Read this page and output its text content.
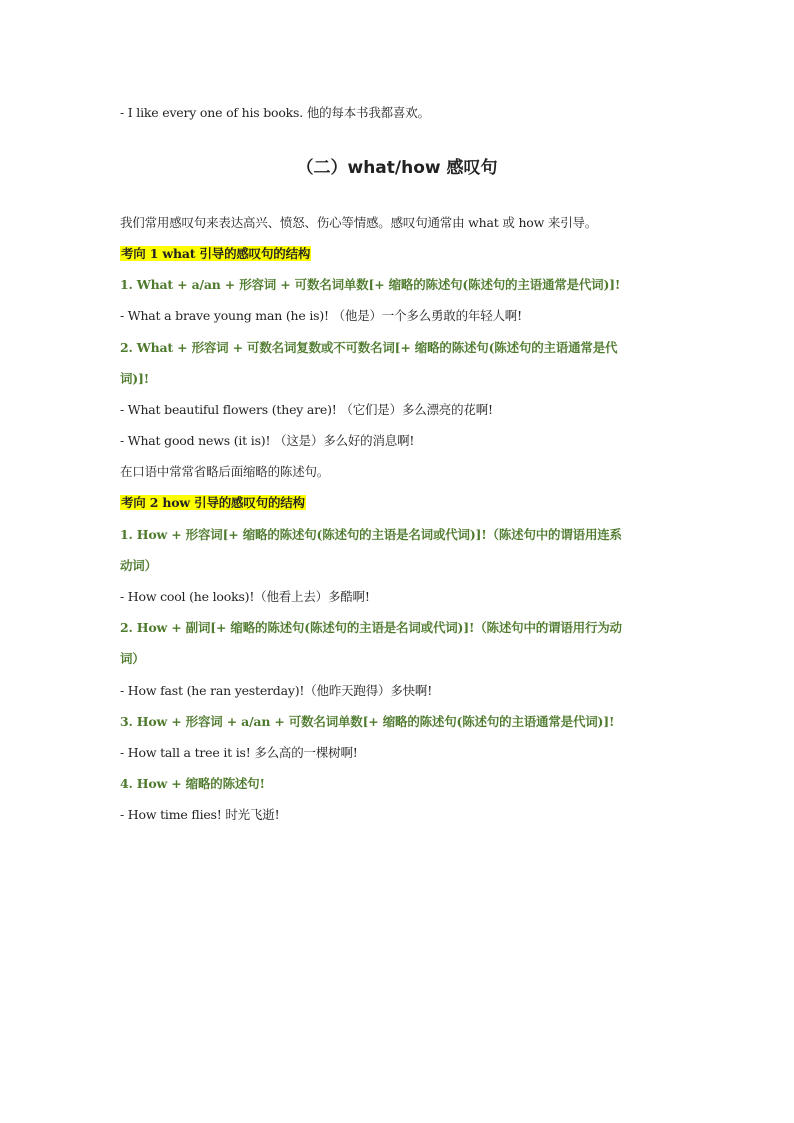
- I like every one of his books. 他的每本书我都喜欢。
（二）what/how 感叹句
我们常用感叹句来表达高兴、愤怒、伤心等情感。感叹句通常由 what 或 how 来引导。
考向 1 what 引导的感叹句的结构
1. What + a/an + 形容词 + 可数名词单数[+ 缩略的陈述句(陈述句的主语通常是代词)]!
- What a brave young man (he is)! （他是）一个多么勇敢的年轻人啊!
2. What + 形容词 + 可数名词复数或不可数名词[+ 缩略的陈述句(陈述句的主语通常是代
词)]!
- What beautiful flowers (they are)! （它们是）多么漂亮的花啊!
- What good news (it is)! （这是）多么好的消息啊!
在口语中常常省略后面缩略的陈述句。
考向 2 how 引导的感叹句的结构
1. How + 形容词[+ 缩略的陈述句(陈述句的主语是名词或代词)]!（陈述句中的谓语用连系
动词）
- How cool (he looks)!（他看上去）多酷啊!
2. How + 副词[+ 缩略的陈述句(陈述句的主语是名词或代词)]!（陈述句中的谓语用行为动
词）
- How fast (he ran yesterday)!（他昨天跑得）多快啊!
3. How + 形容词 + a/an + 可数名词单数[+ 缩略的陈述句(陈述句的主语通常是代词)]!
- How tall a tree it is! 多么高的一棵树啊!
4. How + 缩略的陈述句!
- How time flies! 时光飞逝!
